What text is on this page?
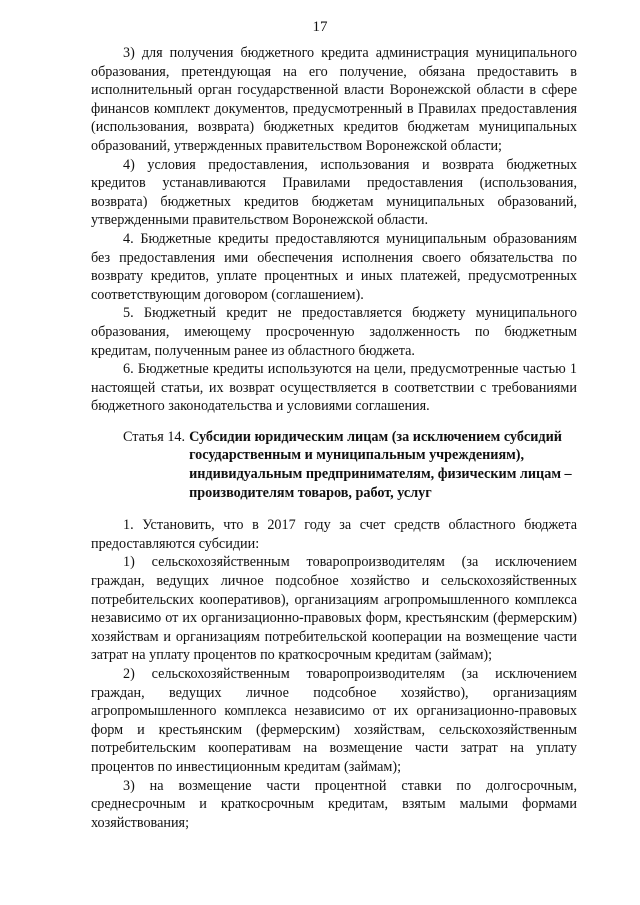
17

3) для получения бюджетного кредита администрация муниципального образования, претендующая на его получение, обязана предоставить в исполнительный орган государственной власти Воронежской области в сфере финансов комплект документов, предусмотренный в Правилах предоставления (использования, возврата) бюджетных кредитов бюджетам муниципальных образований, утвержденных правительством Воронежской области;

4) условия предоставления, использования и возврата бюджетных кредитов устанавливаются Правилами предоставления (использования, возврата) бюджетных кредитов бюджетам муниципальных образований, утвержденными правительством Воронежской области.

4. Бюджетные кредиты предоставляются муниципальным образованиям без предоставления ими обеспечения исполнения своего обязательства по возврату кредитов, уплате процентных и иных платежей, предусмотренных соответствующим договором (соглашением).

5. Бюджетный кредит не предоставляется бюджету муниципального образования, имеющему просроченную задолженность по бюджетным кредитам, полученным ранее из областного бюджета.

6. Бюджетные кредиты используются на цели, предусмотренные частью 1 настоящей статьи, их возврат осуществляется в соответствии с требованиями бюджетного законодательства и условиями соглашения.

Статья 14. Субсидии юридическим лицам (за исключением субсидий государственным и муниципальным учреждениям), индивидуальным предпринимателям, физическим лицам – производителям товаров, работ, услуг

1. Установить, что в 2017 году за счет средств областного бюджета предоставляются субсидии:

1) сельскохозяйственным товаропроизводителям (за исключением граждан, ведущих личное подсобное хозяйство и сельскохозяйственных потребительских кооперативов), организациям агропромышленного комплекса независимо от их организационно-правовых форм, крестьянским (фермерским) хозяйствам и организациям потребительской кооперации на возмещение части затрат на уплату процентов по краткосрочным кредитам (займам);

2) сельскохозяйственным товаропроизводителям (за исключением граждан, ведущих личное подсобное хозяйство), организациям агропромышленного комплекса независимо от их организационно-правовых форм и крестьянским (фермерским) хозяйствам, сельскохозяйственным потребительским кооперативам на возмещение части затрат на уплату процентов по инвестиционным кредитам (займам);

3) на возмещение части процентной ставки по долгосрочным, среднесрочным и краткосрочным кредитам, взятым малыми формами хозяйствования;
